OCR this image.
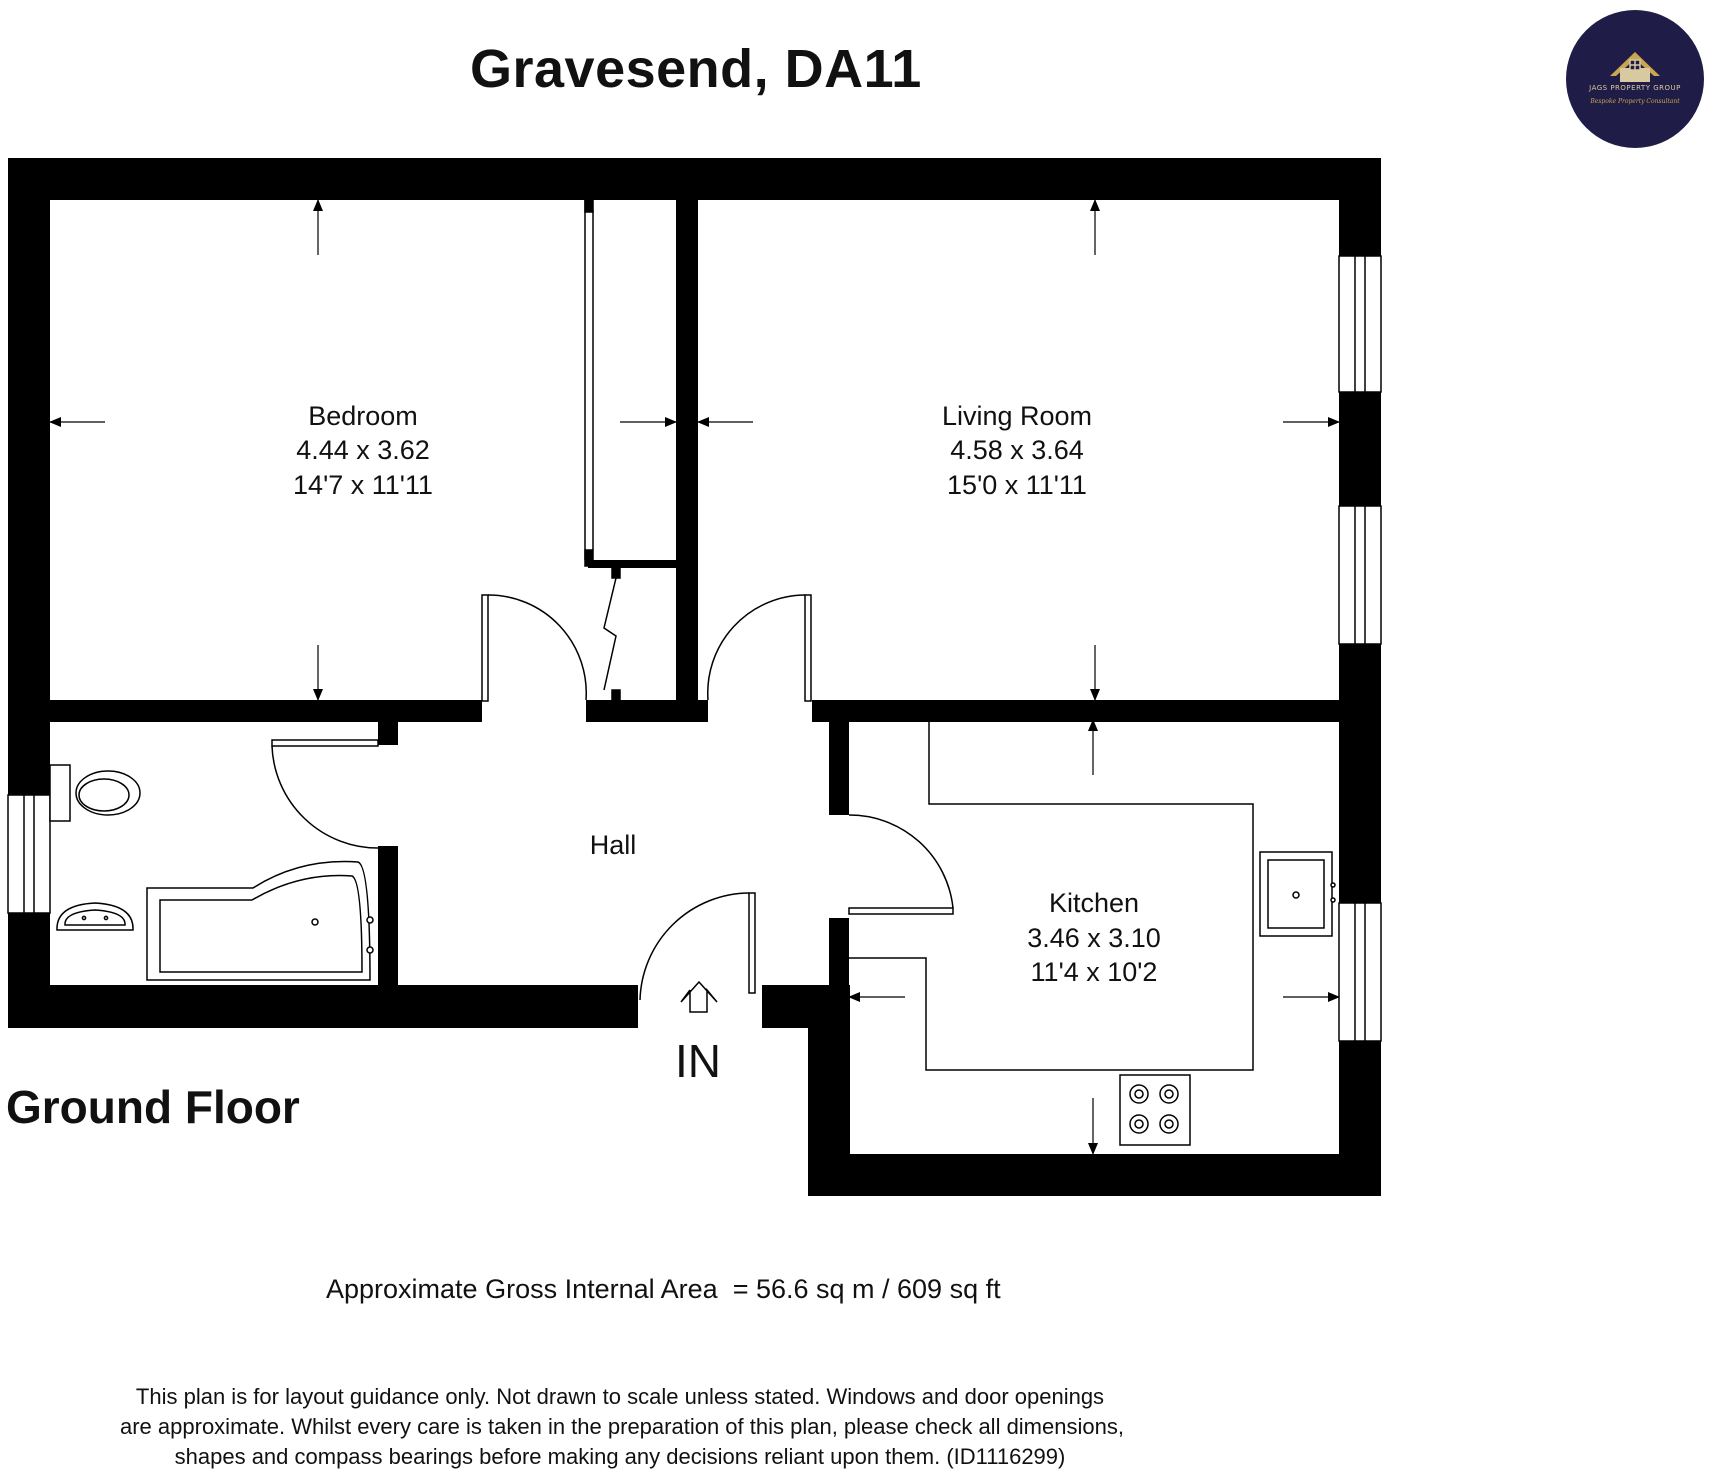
Gravesend, DA11	JAGS PROPERTY GROUP
Bespoke Property Consultant
Bedroom
4.44 x 3.62
14'7 x 11'11
Living Room
4.58 x 3.64
15'0 x 11'11
Kitchen
3.46 x 3.10
11'4 x 10'2
Hall
IN
Ground Floor
Approximate Gross Internal Area  = 56.6 sq m / 609 sq ft
This plan is for layout guidance only. Not drawn to scale unless stated. Windows and door openings
are approximate. Whilst every care is taken in the preparation of this plan, please check all dimensions,
shapes and compass bearings before making any decisions reliant upon them. (ID1116299)
